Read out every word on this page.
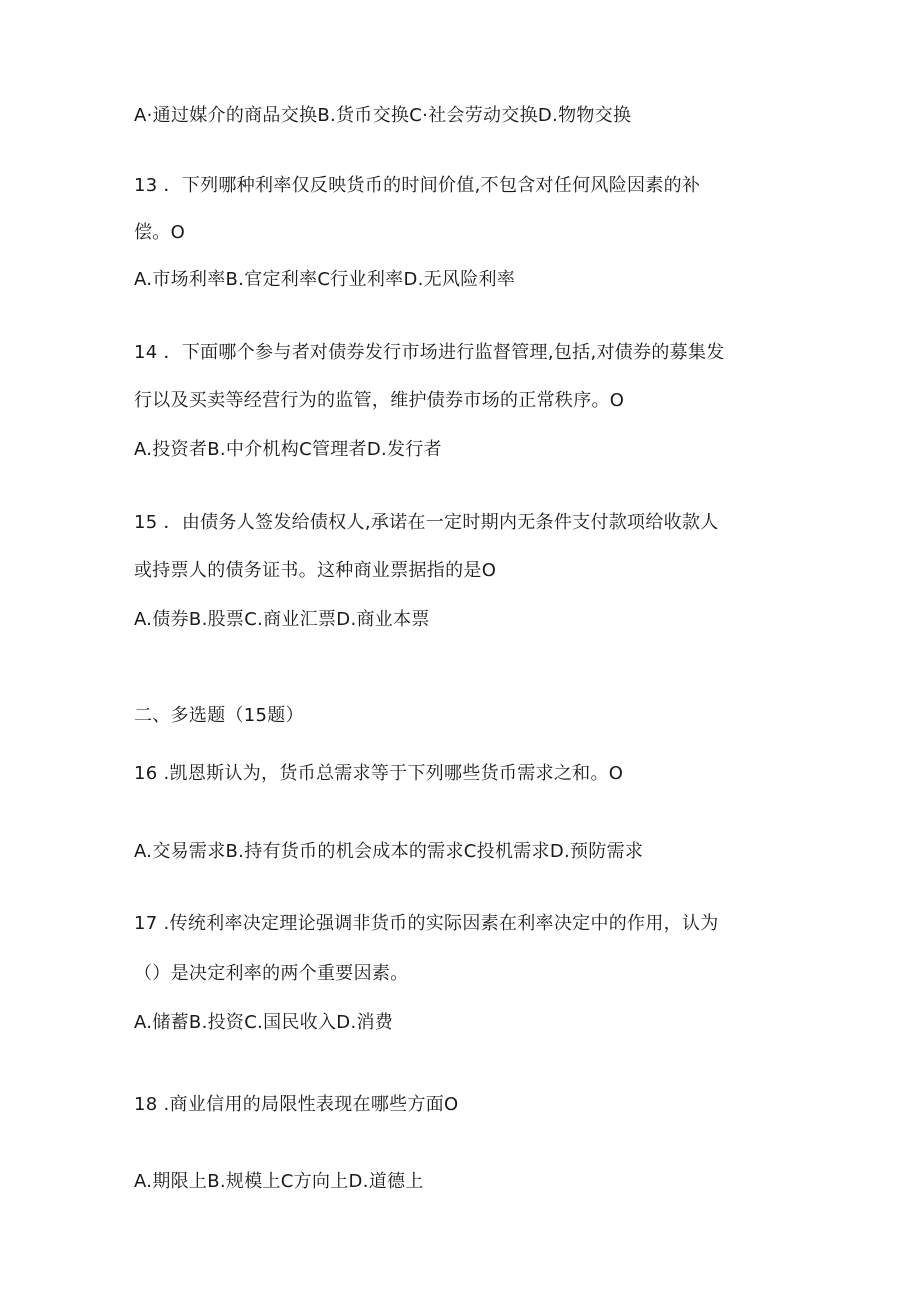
A·通过媒介的商品交换B.货币交换C·社会劳动交换D.物物交换
13 ．下列哪种利率仅反映货币的时间价值,不包含对任何风险因素的补
偿。O
A.市场利率B.官定利率C行业利率D.无风险利率
14 ．下面哪个参与者对债券发行市场进行监督管理,包括,对债券的募集发
行以及买卖等经营行为的监管，维护债券市场的正常秩序。O
A.投资者B.中介机构C管理者D.发行者
15 ．由债务人签发给债权人,承诺在一定时期内无条件支付款项给收款人
或持票人的债务证书。这种商业票据指的是O
A.债券B.股票C.商业汇票D.商业本票
二、多选题（15题）
16 .凯恩斯认为，货币总需求等于下列哪些货币需求之和。O
A.交易需求B.持有货币的机会成本的需求C投机需求D.预防需求
17 .传统利率决定理论强调非货币的实际因素在利率决定中的作用，认为
（）是决定利率的两个重要因素。
A.储蓄B.投资C.国民收入D.消费
18 .商业信用的局限性表现在哪些方面O
A.期限上B.规模上C方向上D.道德上
